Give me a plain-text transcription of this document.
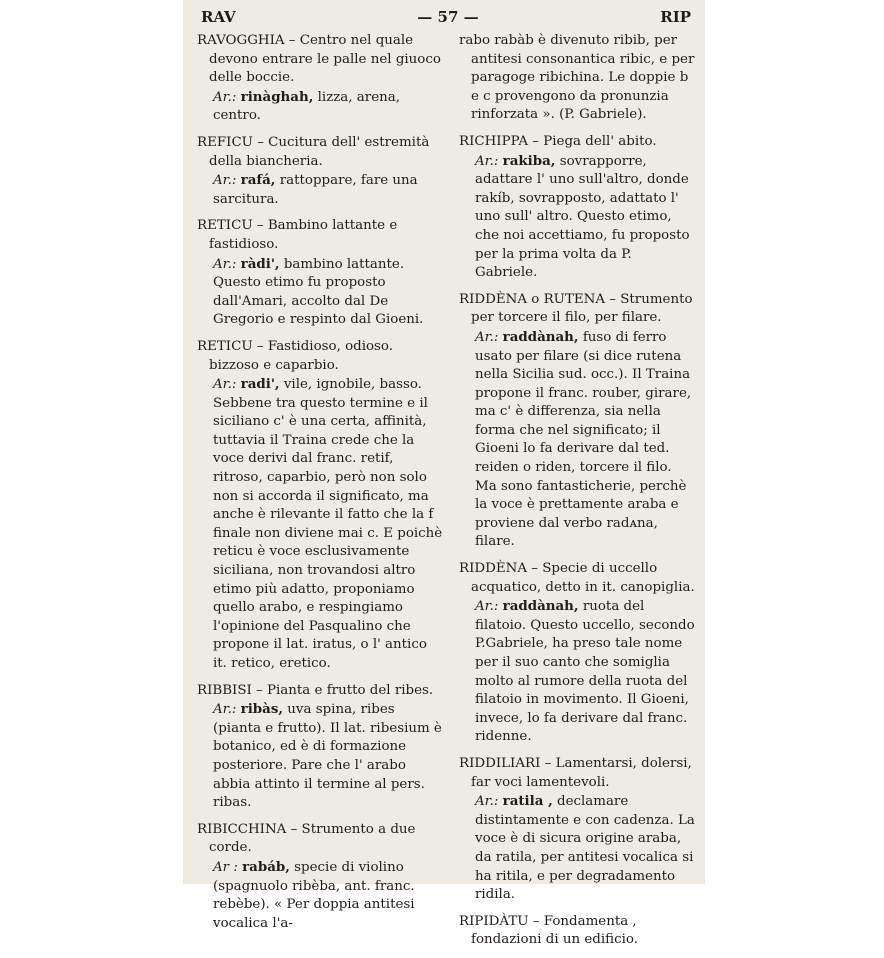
RAV	— 57 —	RIP

RAVOGGHIA – Centro nel quale devono entrare le palle nel giuoco delle boccie.

Ar.: rinàghah, lizza, arena, centro.

REFICU – Cucitura dell' estremità della biancheria.

Ar.: rafá, rattoppare, fare una sarcitura.

RETICU – Bambino lattante e fastidioso.

Ar.: ràdi', bambino lattante. Questo etimo fu proposto dall'Amari, accolto dal De Gregorio e respinto dal Gioeni.

RETICU – Fastidioso, odioso. bizzoso e caparbio.

Ar.: radi', vile, ignobile, basso. Sebbene tra questo termine e il siciliano c' è una certa, affinità, tuttavia il Traina crede che la voce derivi dal franc. retif, ritroso, caparbio, però non solo non si accorda il significato, ma anche è rilevante il fatto che la f finale non diviene mai c. E poichè reticu è voce esclusivamente siciliana, non trovandosi altro etimo più adatto, proponiamo quello arabo, e respingiamo l'opinione del Pasqualino che propone il lat. iratus, o l' antico it. retico, eretico.

RIBBISI – Pianta e frutto del ribes.

Ar.: ribàs, uva spina, ribes (pianta e frutto). Il lat. ribesium è botanico, ed è di formazione posteriore. Pare che l' arabo abbia attinto il termine al pers. ribas.

RIBICCHINA – Strumento a due corde.

Ar : rabáb, specie di violino (spagnuolo ribèba, ant. franc. rebèbe). « Per doppia antitesi vocalica l'a-

rabo rabàb è divenuto ribib, per antitesi consonantica ribic, e per paragoge ribichina. Le doppie b e c provengono da pronunzia rinforzata ». (P. Gabriele).

RICHIPPA – Piega dell' abito.

Ar.: rakiba, sovrapporre, adattare l' uno sull'altro, donde rakíb, sovrapposto, adattato l' uno sull' altro. Questo etimo, che noi accettiamo, fu proposto per la prima volta da P. Gabriele.

RIDDÈNA o RUTENA – Strumento per torcere il filo, per filare.

Ar.: raddànah, fuso di ferro usato per filare (si dice rutena nella Sicilia sud. occ.). Il Traina propone il franc. rouber, girare, ma c' è differenza, sia nella forma che nel significato; il Gioeni lo fa derivare dal ted. reiden o riden, torcere il filo. Ma sono fantasticherie, perchè la voce è prettamente araba e proviene dal verbo radᴀna, filare.

RIDDÈNA – Specie di uccello acquatico, detto in it. canopiglia.

Ar.: raddànah, ruota del filatoio. Questo uccello, secondo P.Gabriele, ha preso tale nome per il suo canto che somiglia molto al rumore della ruota del filatoio in movimento. Il Gioeni, invece, lo fa derivare dal franc. ridenne.

RIDDILIARI – Lamentarsi, dolersi, far voci lamentevoli.

Ar.: ratila , declamare distintamente e con cadenza. La voce è di sicura origine araba, da ratila, per antitesi vocalica si ha ritila, e per degradamento ridila.

RIPIDÀTU – Fondamenta , fondazioni di un edificio.
